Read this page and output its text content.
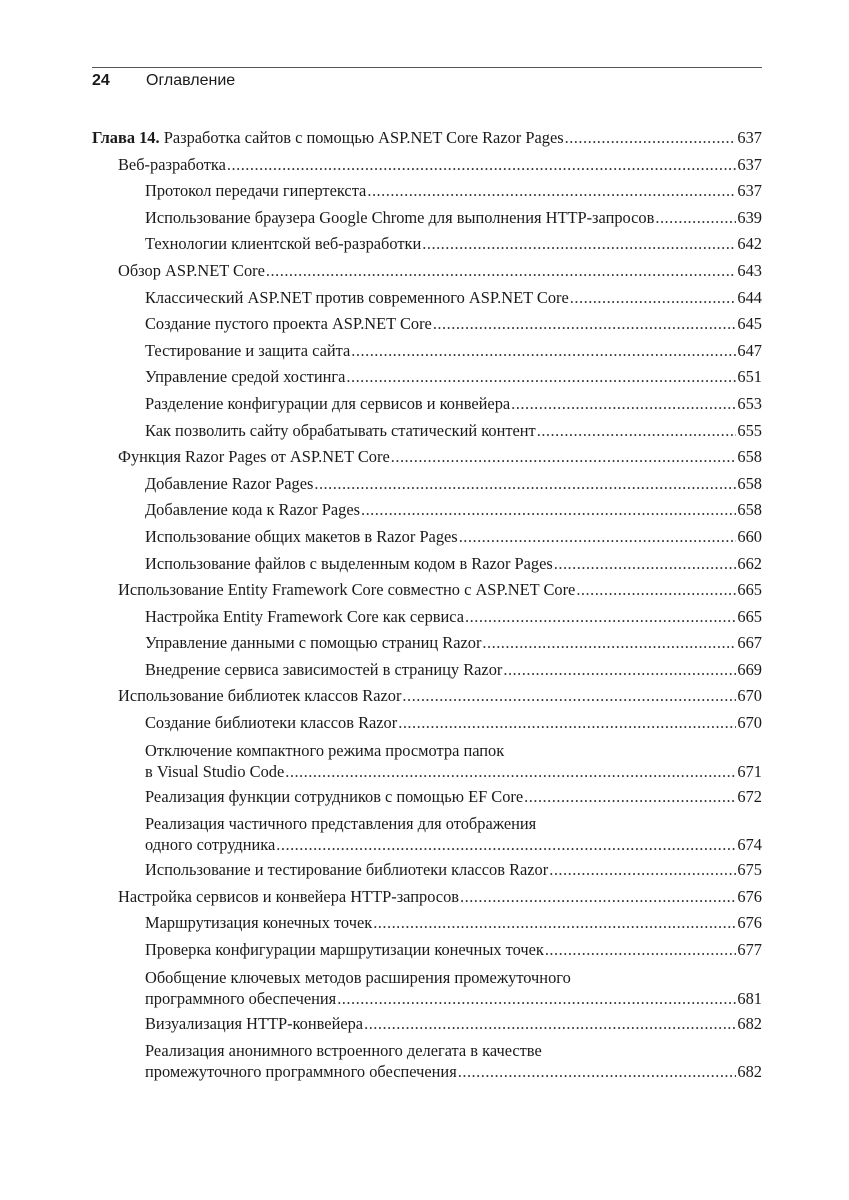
24 Оглавление
Глава 14. Разработка сайтов с помощью ASP.NET Core Razor Pages .....	637
Веб-разработка .....	637
Протокол передачи гипертекста .....	637
Использование браузера Google Chrome для выполнения HTTP-запросов .....	639
Технологии клиентской веб-разработки .....	642
Обзор ASP.NET Core .....	643
Классический ASP.NET против современного ASP.NET Core .....	644
Создание пустого проекта ASP.NET Core .....	645
Тестирование и защита сайта .....	647
Управление средой хостинга .....	651
Разделение конфигурации для сервисов и конвейера .....	653
Как позволить сайту обрабатывать статический контент .....	655
Функция Razor Pages от ASP.NET Core .....	658
Добавление Razor Pages .....	658
Добавление кода к Razor Pages .....	658
Использование общих макетов в Razor Pages .....	660
Использование файлов с выделенным кодом в Razor Pages .....	662
Использование Entity Framework Core совместно с ASP.NET Core .....	665
Настройка Entity Framework Core как сервиса .....	665
Управление данными с помощью страниц Razor .....	667
Внедрение сервиса зависимостей в страницу Razor .....	669
Использование библиотек классов Razor .....	670
Создание библиотеки классов Razor .....	670
Отключение компактного режима просмотра папок
в Visual Studio Code .....	671
Реализация функции сотрудников с помощью EF Core .....	672
Реализация частичного представления для отображения
одного сотрудника .....	674
Использование и тестирование библиотеки классов Razor .....	675
Настройка сервисов и конвейера HTTP-запросов .....	676
Маршрутизация конечных точек .....	676
Проверка конфигурации маршрутизации конечных точек .....	677
Обобщение ключевых методов расширения промежуточного
программного обеспечения .....	681
Визуализация HTTP-конвейера .....	682
Реализация анонимного встроенного делегата в качестве
промежуточного программного обеспечения .....	682
